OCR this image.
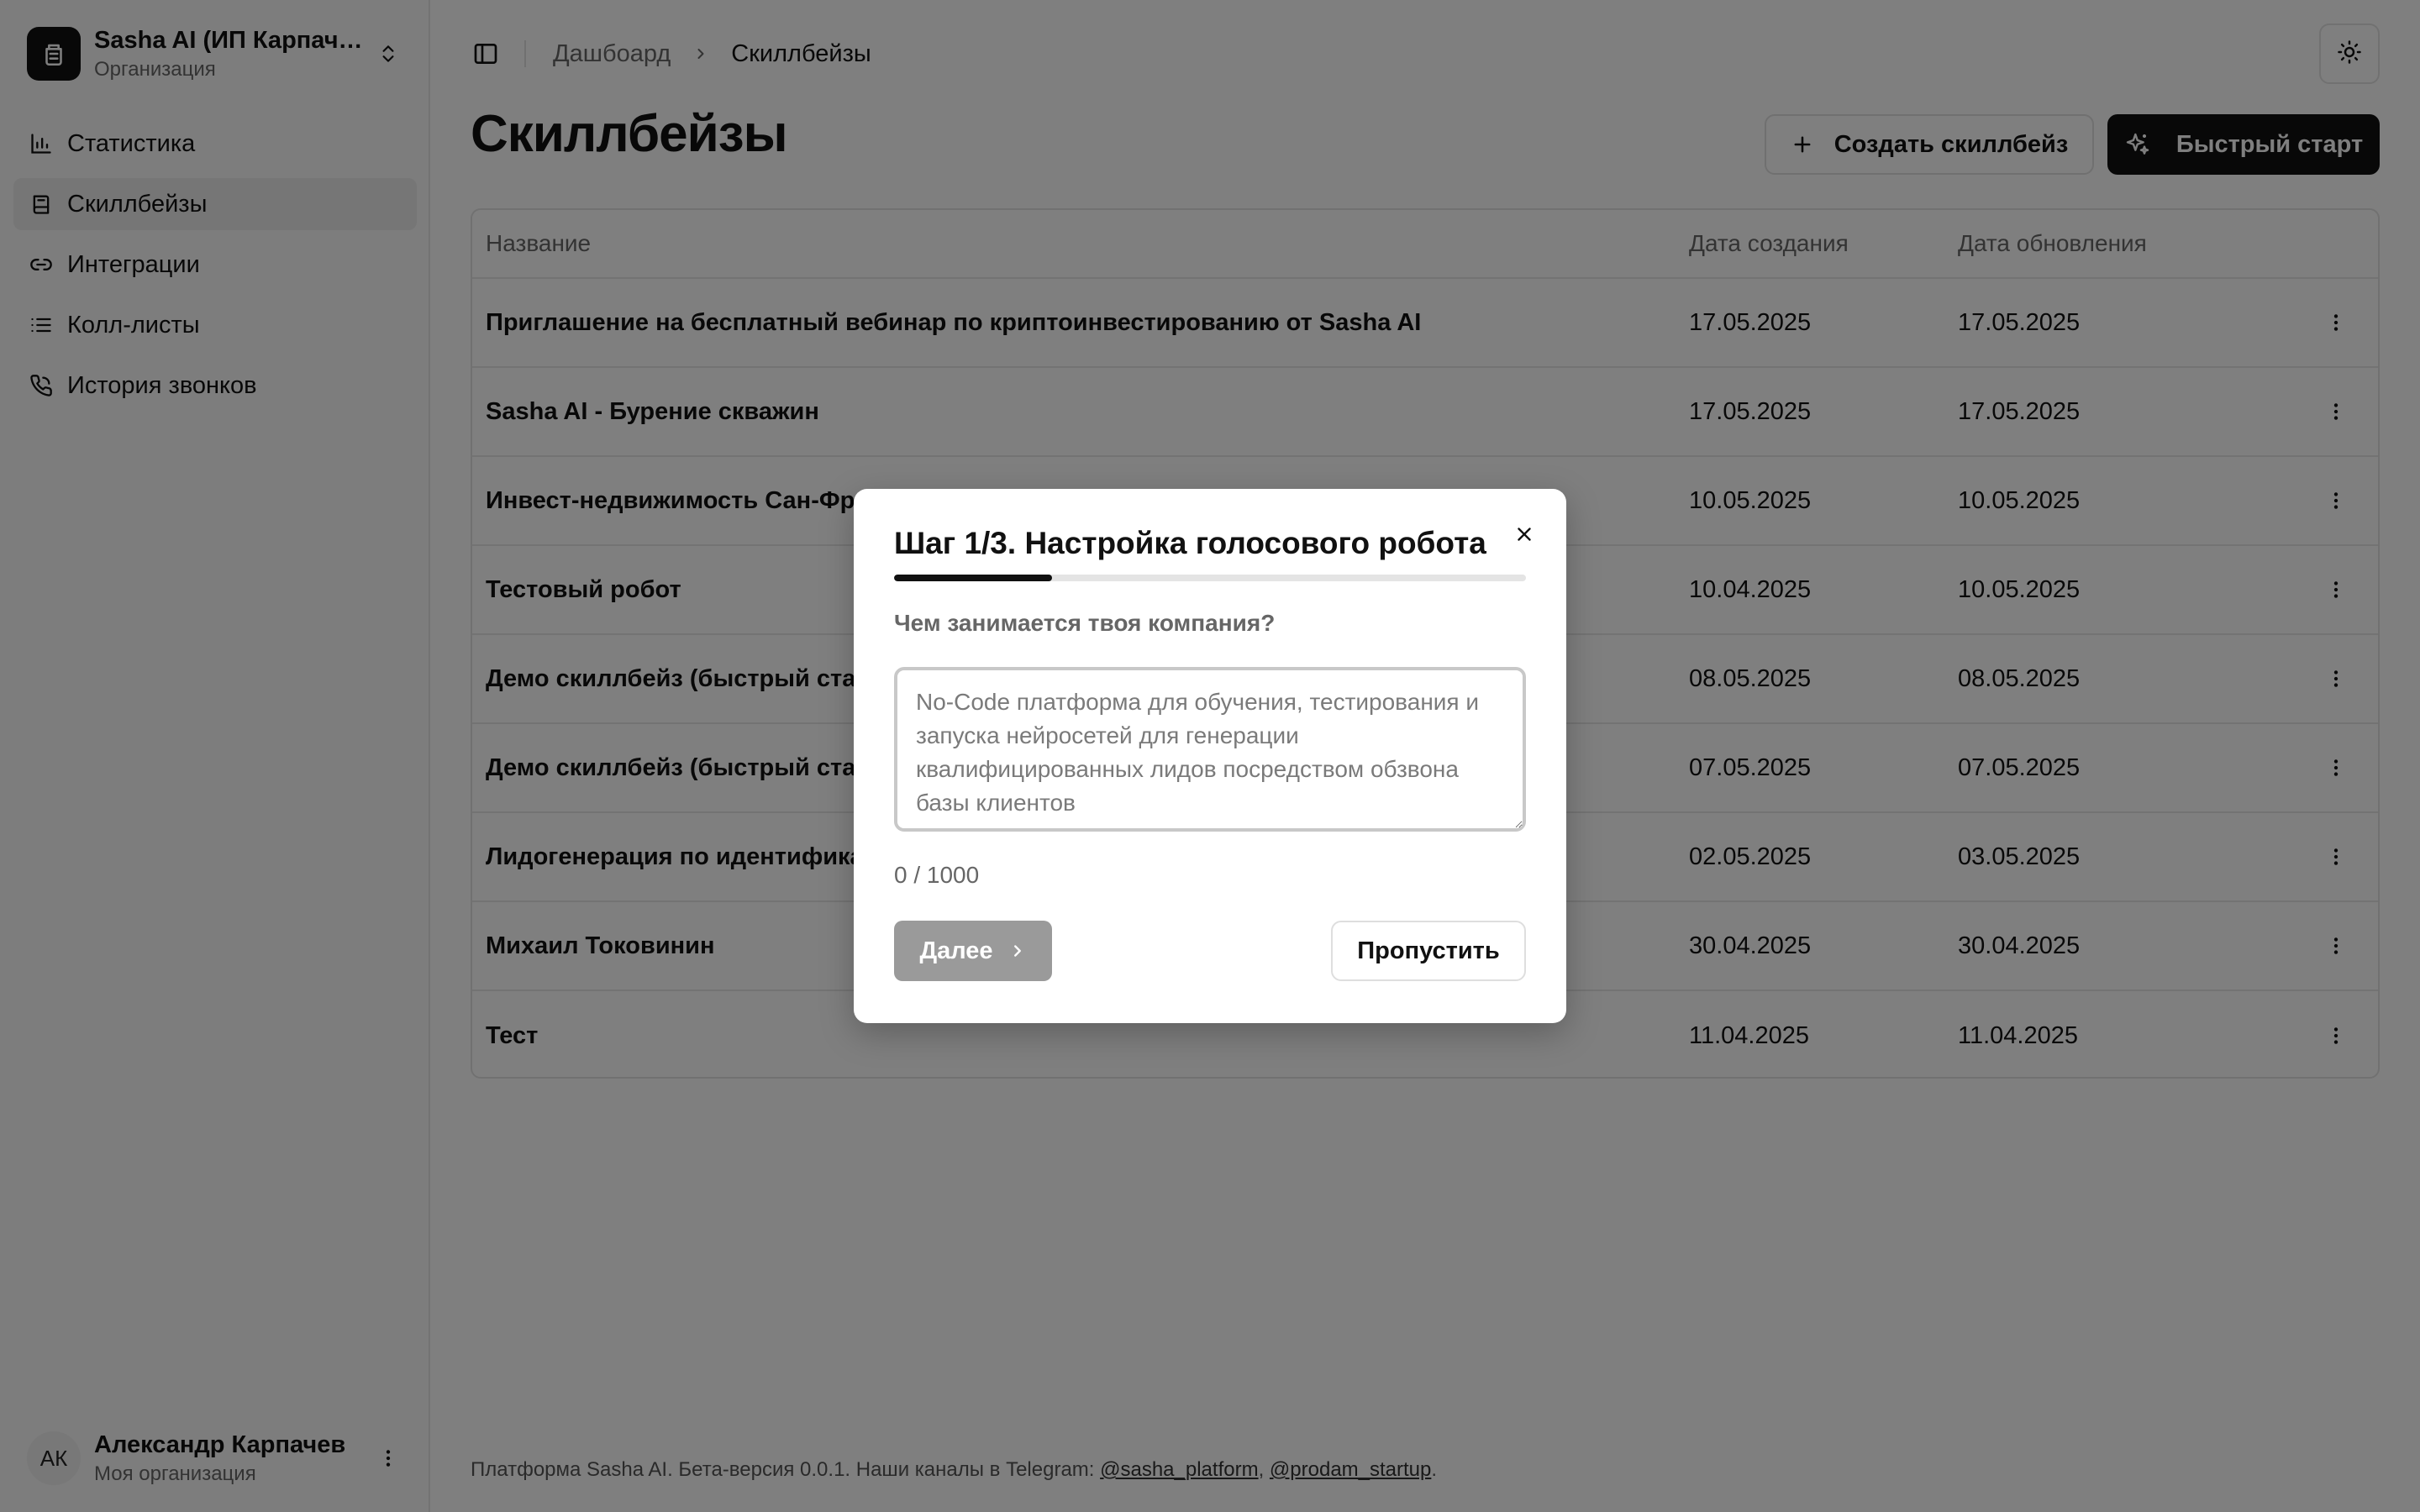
Шаг 1/3. Настройка голосового робота
Чем занимается твоя компания?
No-Code платформа для обучения, тестирования и запуска нейросетей для генерации квалифицированных лидов посредством обзвона базы клиентов
0 / 1000
Далее	Пропустить
